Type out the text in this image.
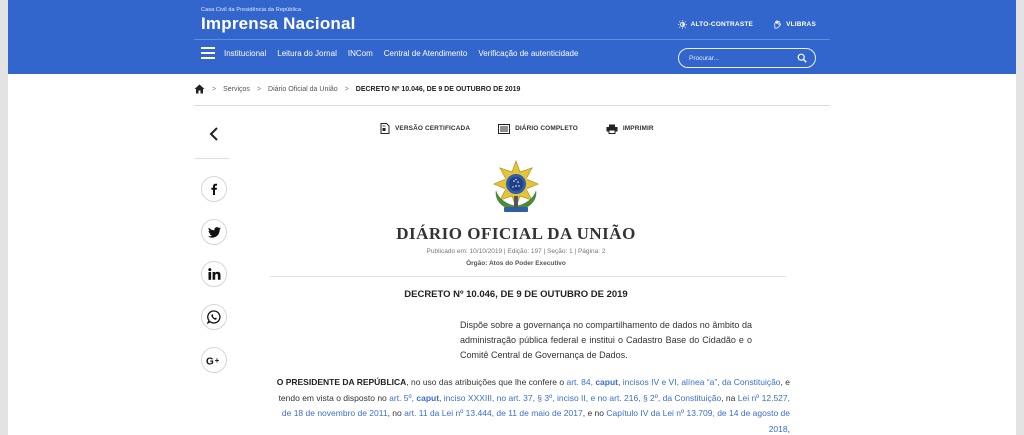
Casa Civil da Presidência da República
Imprensa Nacional	ALTO-CONTRASTE	VLIBRAS
Institucional Leitura do Jornal INCom Central de Atendimento Verificação de autenticidade
Procurar...
> Serviços > Diário Oficial da União > DECRETO Nº 10.046, DE 9 DE OUTUBRO DE 2019
G +
VERSÃO CERTIFICADA	DIÁRIO COMPLETO	IMPRIMIR
DIÁRIO OFICIAL DA UNIÃO
Publicado em: 10/10/2019 | Edição: 197 | Seção: 1 | Página: 2
Órgão: Atos do Poder Executivo
DECRETO Nº 10.046, DE 9 DE OUTUBRO DE 2019
Dispõe sobre a governança no compartilhamento de dados no âmbito da administração pública federal e institui o Cadastro Base do Cidadão e o Comitê Central de Governança de Dados.
O PRESIDENTE DA REPÚBLICA, no uso das atribuições que lhe confere o art. 84, caput, incisos IV e VI, alínea “a”, da Constituição, e tendo em vista o disposto no art. 5º, caput, inciso XXXIII, no art. 37, § 3º, inciso II, e no art. 216, § 2º, da Constituição, na Lei nº 12.527, de 18 de novembro de 2011, no art. 11 da Lei nº 13.444, de 11 de maio de 2017, e no Capítulo IV da Lei nº 13.709, de 14 de agosto de 2018,
